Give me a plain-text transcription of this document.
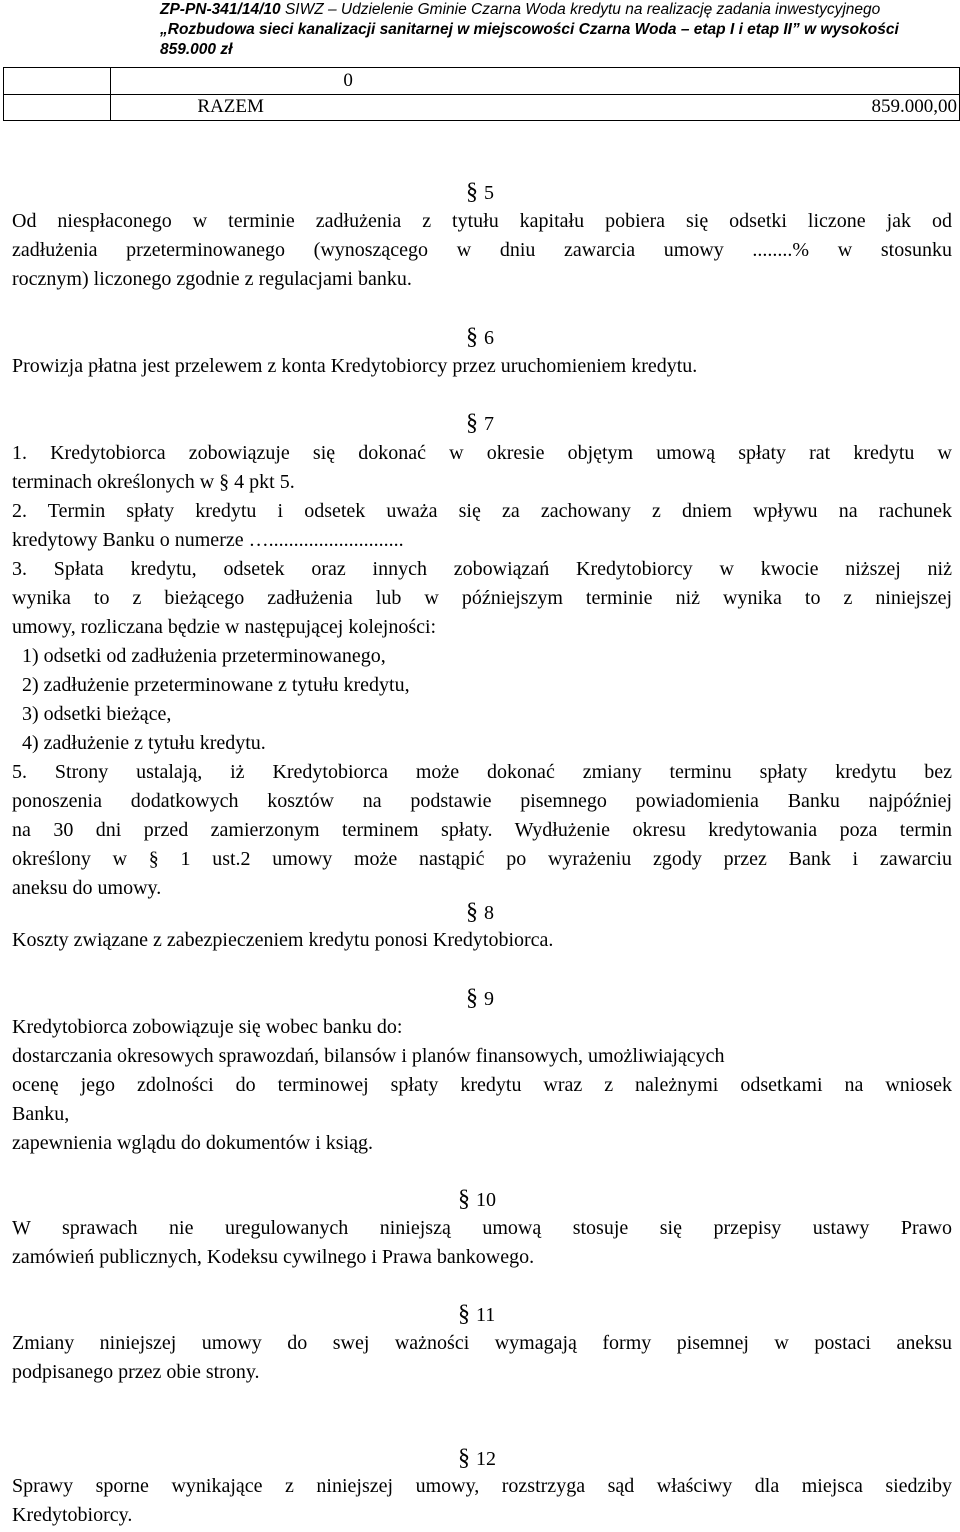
ZP-PN-341/14/10 SIWZ – Udzielenie Gminie Czarna Woda kredytu na realizację zadania inwestycyjnego
„Rozbudowa sieci kanalizacji sanitarnej w miejscowości Czarna Woda – etap I i etap II” w wysokości
859.000 zł
	0

	RAZEM 859.000,00
§ 5
Od niespłaconego w terminie zadłużenia z tytułu kapitału pobiera się odsetki liczone jak od
zadłużenia przeterminowanego (wynoszącego w dniu zawarcia umowy ........% w stosunku
rocznym) liczonego zgodnie z regulacjami banku.
§ 6
Prowizja płatna jest przelewem z konta Kredytobiorcy przez uruchomieniem kredytu.
§ 7
1. Kredytobiorca zobowiązuje się dokonać w okresie objętym umową spłaty rat kredytu w
terminach określonych w § 4 pkt 5.
2. Termin spłaty kredytu i odsetek uważa się za zachowany z dniem wpływu na rachunek
kredytowy Banku o numerze …...........................
3. Spłata kredytu, odsetek oraz innych zobowiązań Kredytobiorcy w kwocie niższej niż
wynika to z bieżącego zadłużenia lub w późniejszym terminie niż wynika to z niniejszej
umowy, rozliczana będzie w następującej kolejności:
1) odsetki od zadłużenia przeterminowanego,
2) zadłużenie przeterminowane z tytułu kredytu,
3) odsetki bieżące,
4) zadłużenie z tytułu kredytu.
5. Strony ustalają, iż Kredytobiorca może dokonać zmiany terminu spłaty kredytu bez
ponoszenia dodatkowych kosztów na podstawie pisemnego powiadomienia Banku najpóźniej
na 30 dni przed zamierzonym terminem spłaty. Wydłużenie okresu kredytowania poza termin
określony w § 1 ust.2 umowy może nastąpić po wyrażeniu zgody przez Bank i zawarciu
aneksu do umowy.
§ 8
Koszty związane z zabezpieczeniem kredytu ponosi Kredytobiorca.
§ 9
Kredytobiorca zobowiązuje się wobec banku do:
dostarczania okresowych sprawozdań, bilansów i planów finansowych, umożliwiających
ocenę jego zdolności do terminowej spłaty kredytu wraz z należnymi odsetkami na wniosek
Banku,
zapewnienia wglądu do dokumentów i ksiąg.
§ 10
W sprawach nie uregulowanych niniejszą umową stosuje się przepisy ustawy Prawo
zamówień publicznych, Kodeksu cywilnego i Prawa bankowego.
§ 11
Zmiany niniejszej umowy do swej ważności wymagają formy pisemnej w postaci aneksu
podpisanego przez obie strony.
§ 12
Sprawy sporne wynikające z niniejszej umowy, rozstrzyga sąd właściwy dla miejsca siedziby
Kredytobiorcy.
